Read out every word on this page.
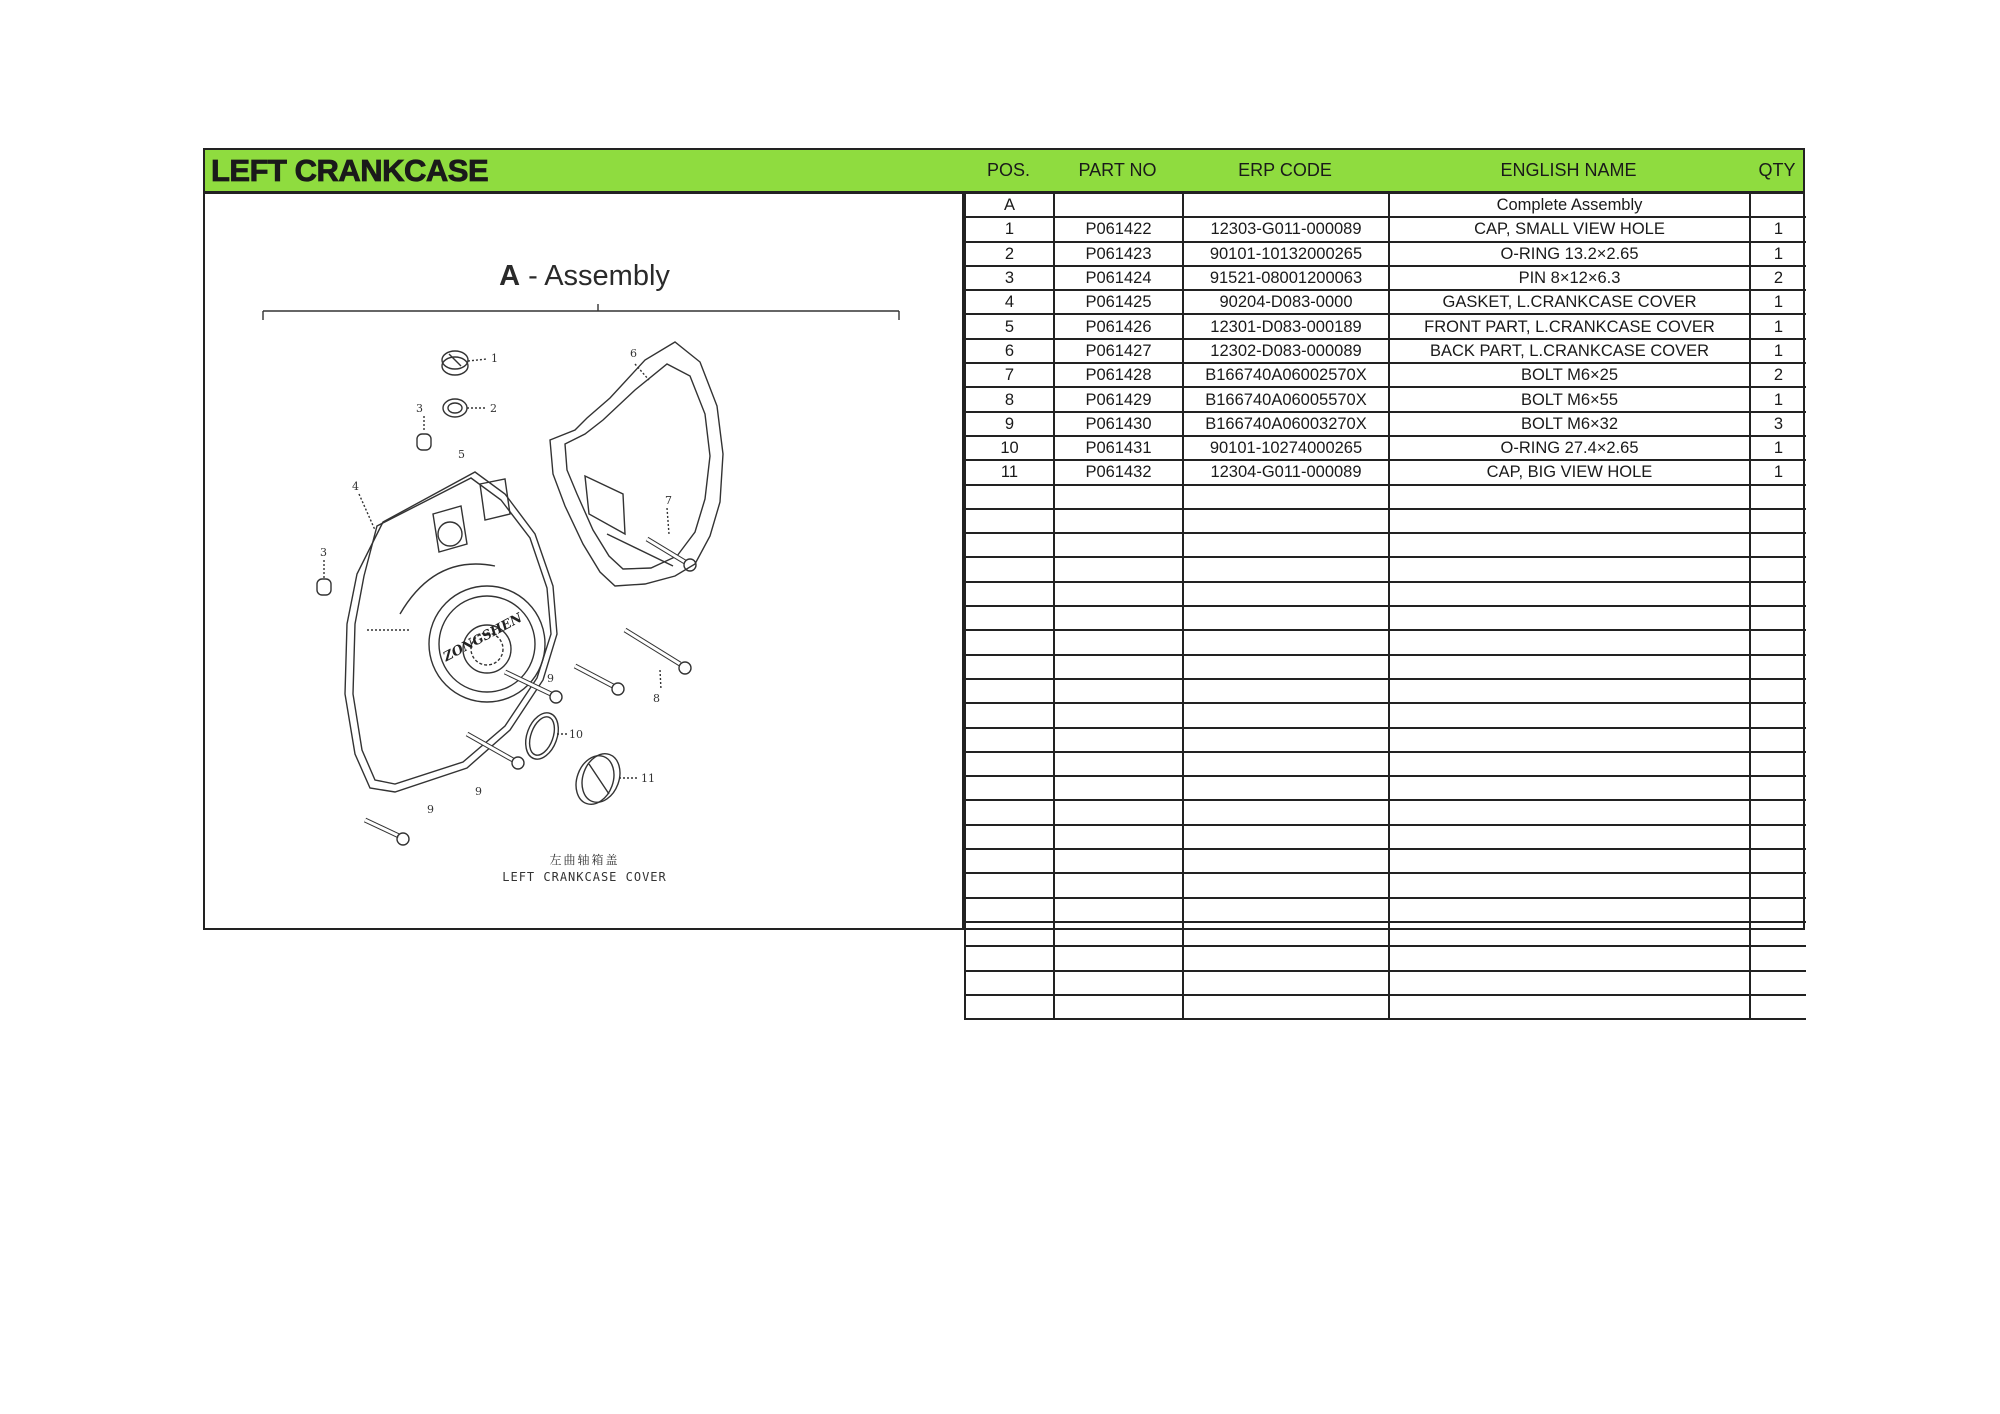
LEFT CRANKCASE	POS.	PART NO	ERP CODE	ENGLISH NAME	QTY
A - Assembly
1
2
3
3
ZONGSHEN
4
5
6
7
8
9
9
9
10
11
左曲轴箱盖
LEFT CRANKCASE COVER
A			Complete Assembly	
1	P061422	12303-G011-000089	CAP, SMALL VIEW HOLE	1
2	P061423	90101-10132000265	O-RING 13.2×2.65	1
3	P061424	91521-08001200063	PIN 8×12×6.3	2
4	P061425	90204-D083-0000	GASKET, L.CRANKCASE COVER	1
5	P061426	12301-D083-000189	FRONT PART, L.CRANKCASE COVER	1
6	P061427	12302-D083-000089	BACK PART, L.CRANKCASE COVER	1
7	P061428	B166740A06002570X	BOLT M6×25	2
8	P061429	B166740A06005570X	BOLT M6×55	1
9	P061430	B166740A06003270X	BOLT M6×32	3
10	P061431	90101-10274000265	O-RING 27.4×2.65	1
11	P061432	12304-G011-000089	CAP, BIG VIEW HOLE	1
